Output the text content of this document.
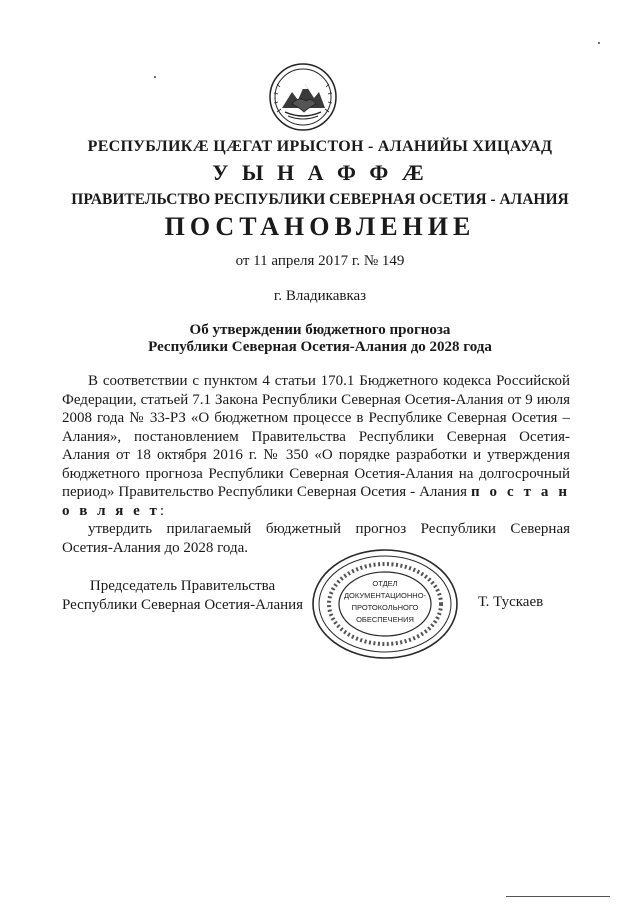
РЕСПУБЛИКӔ ЦӔГАТ ИРЫСТОН - АЛАНИЙЫ ХИЦАУАД
У Ы Н А Ф Ф Ӕ
ПРАВИТЕЛЬСТВО РЕСПУБЛИКИ СЕВЕРНАЯ ОСЕТИЯ - АЛАНИЯ
ПОСТАНОВЛЕНИЕ
от 11 апреля 2017 г. № 149
г. Владикавказ
Об утверждении бюджетного прогноза
Республики Северная Осетия-Алания до 2028 года

В соответствии с пунктом 4 статьи 170.1 Бюджетного кодекса Российской Федерации, статьей 7.1 Закона Республики Северная Осетия-Алания от 9 июля 2008 года № 33-РЗ «О бюджетном процессе в Республике Северная Осетия – Алания», постановлением Правительства Республики Северная Осетия-Алания от 18 октября 2016 г. № 350 «О порядке разработки и утверждения бюджетного прогноза Республики Северная Осетия-Алания на долгосрочный период» Правительство Республики Северная Осетия - Алания п о с т а н о в л я е т:

утвердить прилагаемый бюджетный прогноз Республики Северная Осетия-Алания до 2028 года.

Председатель Правительства
Республики Северная Осетия-Алания
ОТДЕЛ
ДОКУМЕНТАЦИОННО-
ПРОТОКОЛЬНОГО
ОБЕСПЕЧЕНИЯ
Т. Тускаев
